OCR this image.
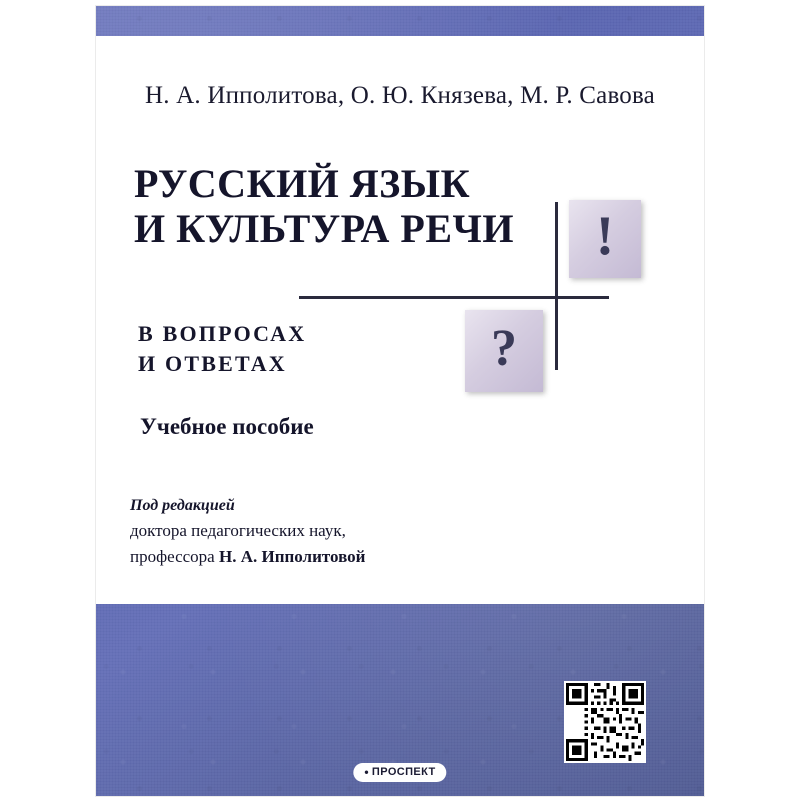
Н. А. Ипполитова, О. Ю. Князева, М. Р. Савова
!
?
РУССКИЙ ЯЗЫК
И КУЛЬТУРА РЕЧИ
В ВОПРОСАХ
И ОТВЕТАХ
Учебное пособие
Под редакцией
доктора педагогических наук,
профессора Н. А. Ипполитовой
• ПРОСПЕКТ
